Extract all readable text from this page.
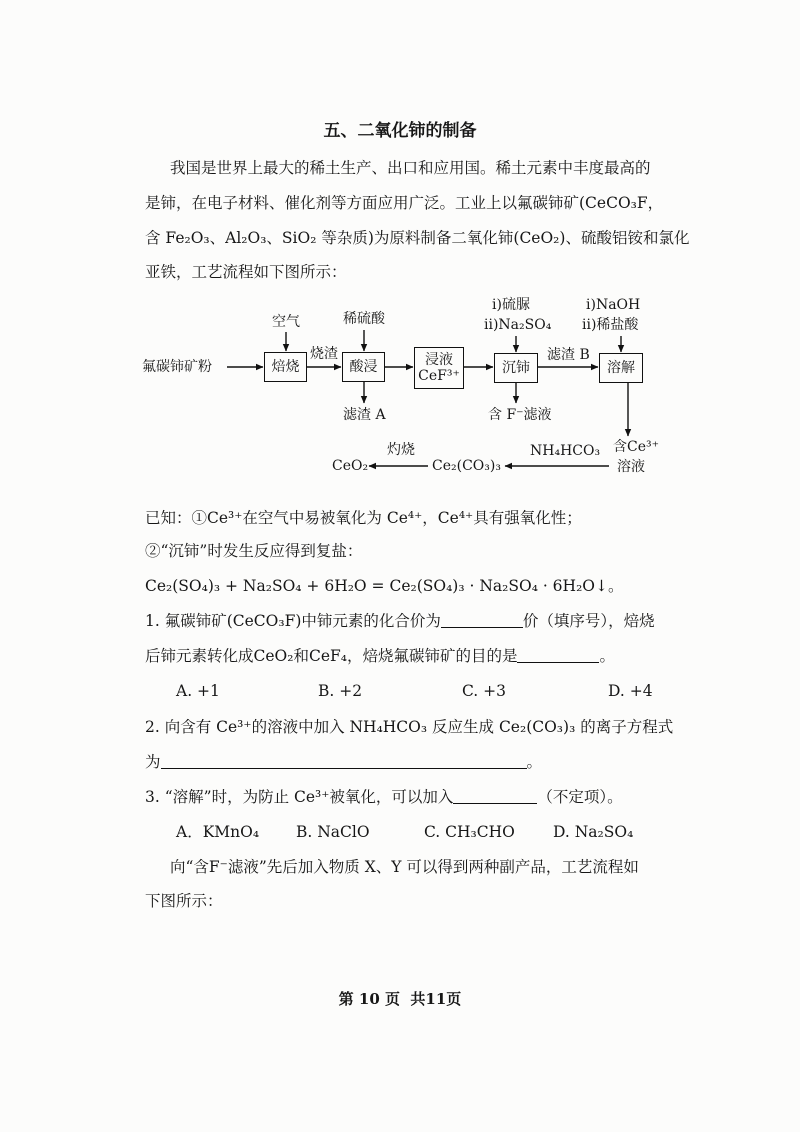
五、二氧化铈的制备
我国是世界上最大的稀土生产、出口和应用国。稀土元素中丰度最高的
是铈，在电子材料、催化剂等方面应用广泛。工业上以氟碳铈矿(CeCO₃F，
含 Fe₂O₃、Al₂O₃、SiO₂ 等杂质)为原料制备二氧化铈(CeO₂)、硫酸铝铵和氯化
亚铁，工艺流程如下图所示：
氟碳铈矿粉
空气
烧渣
稀硫酸
i)硫脲
ii)Na₂SO₄
i)NaOH
ii)稀盐酸
滤渣 B
滤渣 A	含 F⁻滤液
含Ce³⁺
溶液
NH₄HCO₃
Ce₂(CO₃)₃
灼烧
CeO₂
焙烧	酸浸	浸液
CeF³⁺	沉铈	溶解
已知：①Ce³⁺在空气中易被氧化为 Ce⁴⁺，Ce⁴⁺具有强氧化性；
②“沉铈”时发生反应得到复盐：
Ce₂(SO₄)₃ + Na₂SO₄ + 6H₂O = Ce₂(SO₄)₃ · Na₂SO₄ · 6H₂O↓。
1. 氟碳铈矿(CeCO₃F)中铈元素的化合价为	价（填序号），焙烧
后铈元素转化成CeO₂和CeF₄，焙烧氟碳铈矿的目的是	。
A. +1	B. +2	C. +3	D. +4
2. 向含有 Ce³⁺的溶液中加入 NH₄HCO₃ 反应生成 Ce₂(CO₃)₃ 的离子方程式
为	。
3. “溶解”时，为防止 Ce³⁺被氧化，可以加入	（不定项）。
A．KMnO₄ B. NaClO	C. CH₃CHO D. Na₂SO₄
向“含F⁻滤液”先后加入物质 X、Y 可以得到两种副产品，工艺流程如
下图所示：
第 10 页  共11页
